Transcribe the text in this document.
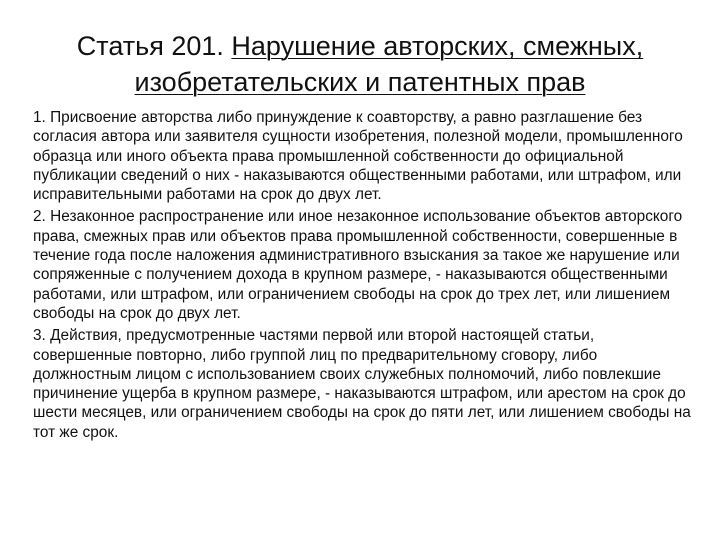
Статья 201. Нарушение авторских, смежных, изобретательских и патентных прав

1. Присвоение авторства либо принуждение к соавторству, а равно разглашение без согласия автора или заявителя сущности изобретения, полезной модели, промышленного образца или иного объекта права промышленной собственности до официальной публикации сведений о них - наказываются общественными работами, или штрафом, или исправительными работами на срок до двух лет.

2. Незаконное распространение или иное незаконное использование объектов авторского права, смежных прав или объектов права промышленной собственности, совершенные в течение года после наложения административного взыскания за такое же нарушение или сопряженные с получением дохода в крупном размере, - наказываются общественными работами, или штрафом, или ограничением свободы на срок до трех лет, или лишением свободы на срок до двух лет.

3. Действия, предусмотренные частями первой или второй настоящей статьи, совершенные повторно, либо группой лиц по предварительному сговору, либо должностным лицом с использованием своих служебных полномочий, либо повлекшие причинение ущерба в крупном размере, - наказываются штрафом, или арестом на срок до шести месяцев, или ограничением свободы на срок до пяти лет, или лишением свободы на тот же срок.
